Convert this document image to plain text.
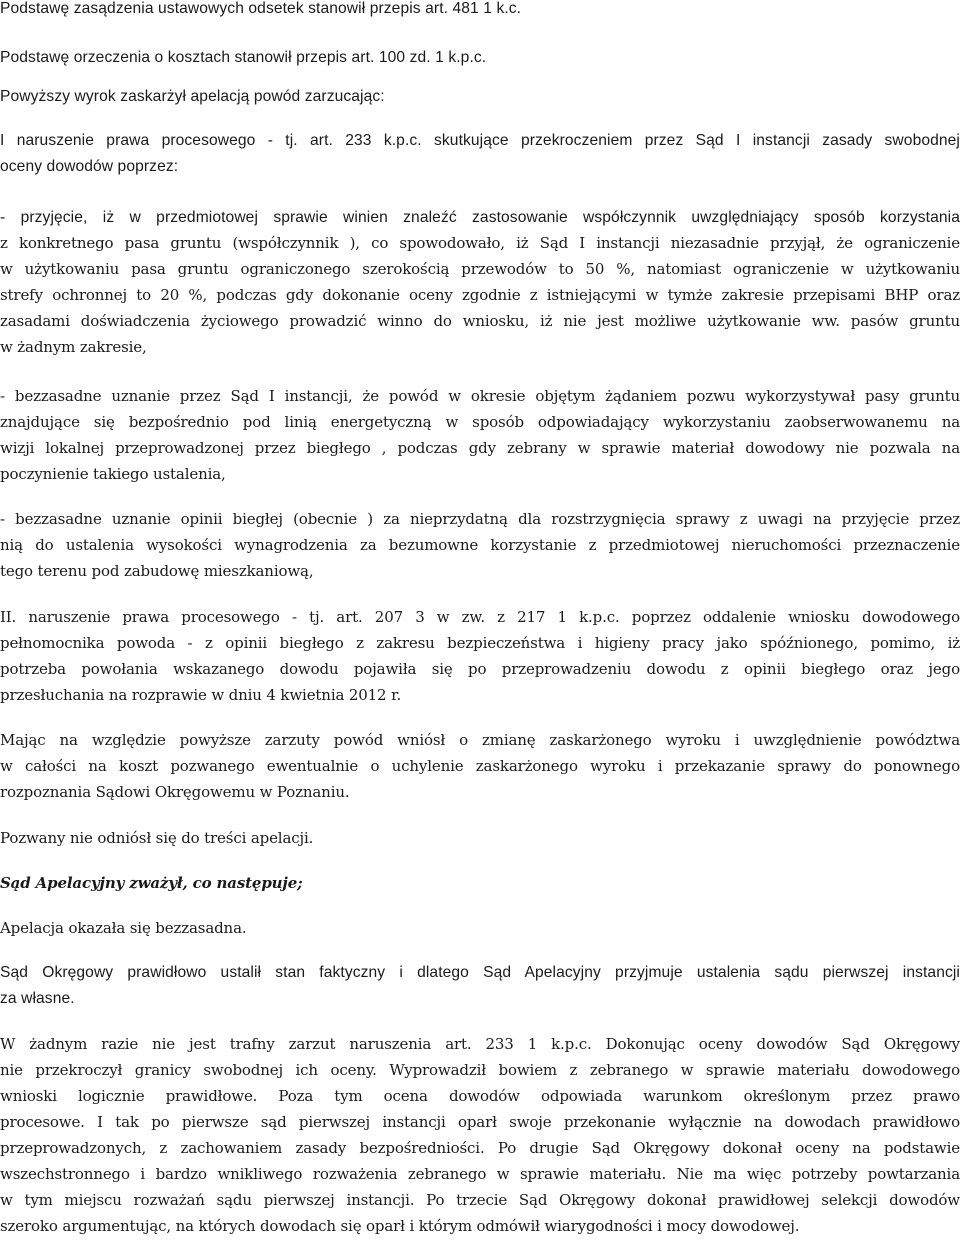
Podstawę zasądzenia ustawowych odsetek stanowił przepis art. 481 1 k.c.
Podstawę orzeczenia o kosztach stanowił przepis art. 100 zd. 1 k.p.c.
Powyższy wyrok zaskarżył apelacją powód zarzucając:
I naruszenie prawa procesowego - tj. art. 233 k.p.c. skutkujące przekroczeniem przez Sąd I instancji zasady swobodnej
oceny dowodów poprzez:
- przyjęcie, iż w przedmiotowej sprawie winien znaleźć zastosowanie współczynnik uwzględniający sposób korzystania
z konkretnego pasa gruntu (współczynnik ), co spowodowało, iż Sąd I instancji niezasadnie przyjął, że ograniczenie
w użytkowaniu pasa gruntu ograniczonego szerokością przewodów to 50 %, natomiast ograniczenie w użytkowaniu
strefy ochronnej to 20 %, podczas gdy dokonanie oceny zgodnie z istniejącymi w tymże zakresie przepisami BHP oraz
zasadami doświadczenia życiowego prowadzić winno do wniosku, iż nie jest możliwe użytkowanie ww. pasów gruntu
w żadnym zakresie,
- bezzasadne uznanie przez Sąd I instancji, że powód w okresie objętym żądaniem pozwu wykorzystywał pasy gruntu
znajdujące się bezpośrednio pod linią energetyczną w sposób odpowiadający wykorzystaniu zaobserwowanemu na
wizji lokalnej przeprowadzonej przez biegłego , podczas gdy zebrany w sprawie materiał dowodowy nie pozwala na
poczynienie takiego ustalenia,
- bezzasadne uznanie opinii biegłej (obecnie ) za nieprzydatną dla rozstrzygnięcia sprawy z uwagi na przyjęcie przez
nią do ustalenia wysokości wynagrodzenia za bezumowne korzystanie z przedmiotowej nieruchomości przeznaczenie
tego terenu pod zabudowę mieszkaniową,
II. naruszenie prawa procesowego - tj. art. 207 3 w zw. z 217 1 k.p.c. poprzez oddalenie wniosku dowodowego
pełnomocnika powoda - z opinii biegłego z zakresu bezpieczeństwa i higieny pracy jako spóźnionego, pomimo, iż
potrzeba powołania wskazanego dowodu pojawiła się po przeprowadzeniu dowodu z opinii biegłego oraz jego
przesłuchania na rozprawie w dniu 4 kwietnia 2012 r.
Mając na względzie powyższe zarzuty powód wniósł o zmianę zaskarżonego wyroku i uwzględnienie powództwa
w całości na koszt pozwanego ewentualnie o uchylenie zaskarżonego wyroku i przekazanie sprawy do ponownego
rozpoznania Sądowi Okręgowemu w Poznaniu.
Pozwany nie odniósł się do treści apelacji.
Sąd Apelacyjny zważył, co następuje;
Apelacja okazała się bezzasadna.
Sąd Okręgowy prawidłowo ustalił stan faktyczny i dlatego Sąd Apelacyjny przyjmuje ustalenia sądu pierwszej instancji
za własne.
W żadnym razie nie jest trafny zarzut naruszenia art. 233 1 k.p.c. Dokonując oceny dowodów Sąd Okręgowy
nie przekroczył granicy swobodnej ich oceny. Wyprowadził bowiem z zebranego w sprawie materiału dowodowego
wnioski logicznie prawidłowe. Poza tym ocena dowodów odpowiada warunkom określonym przez prawo
procesowe. I tak po pierwsze sąd pierwszej instancji oparł swoje przekonanie wyłącznie na dowodach prawidłowo
przeprowadzonych, z zachowaniem zasady bezpośredniości. Po drugie Sąd Okręgowy dokonał oceny na podstawie
wszechstronnego i bardzo wnikliwego rozważenia zebranego w sprawie materiału. Nie ma więc potrzeby powtarzania
w tym miejscu rozważań sądu pierwszej instancji. Po trzecie Sąd Okręgowy dokonał prawidłowej selekcji dowodów
szeroko argumentując, na których dowodach się oparł i którym odmówił wiarygodności i mocy dowodowej.
